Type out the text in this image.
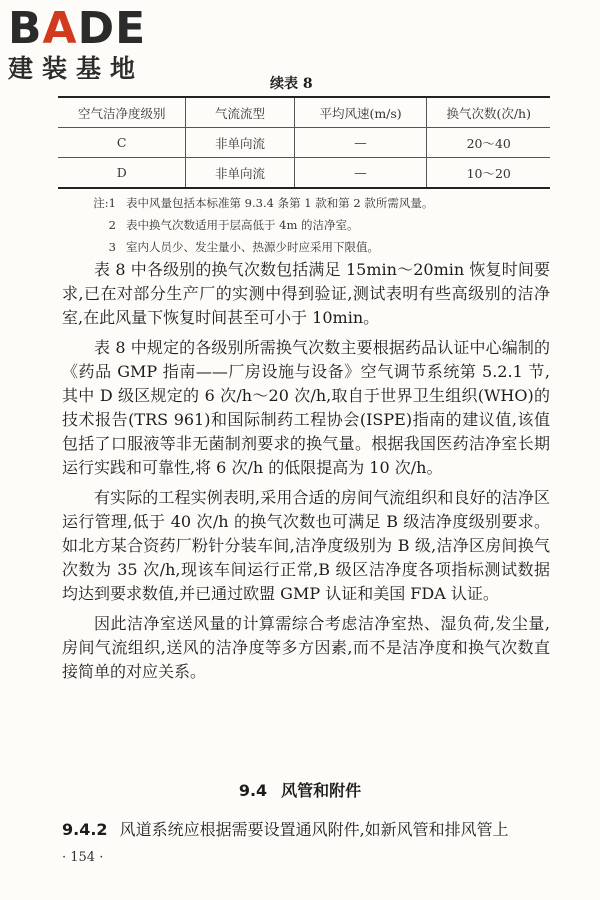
BADE
建装基地
续表 8
空气洁净度级别	气流流型	平均风速(m/s)	换气次数(次/h)
C	非单向流	—	20～40
D	非单向流	—	10～20
注:1 表中风量包括本标准第 9.3.4 条第 1 款和第 2 款所需风量。
2 表中换气次数适用于层高低于 4m 的洁净室。
3 室内人员少、发尘量小、热源少时应采用下限值。

表 8 中各级别的换气次数包括满足 15min～20min 恢复时间要求,已在对部分生产厂的实测中得到验证,测试表明有些高级别的洁净室,在此风量下恢复时间甚至可小于 10min。

表 8 中规定的各级别所需换气次数主要根据药品认证中心编制的《药品 GMP 指南——厂房设施与设备》空气调节系统第 5.2.1 节,其中 D 级区规定的 6 次/h～20 次/h,取自于世界卫生组织(WHO)的技术报告(TRS 961)和国际制药工程协会(ISPE)指南的建议值,该值包括了口服液等非无菌制剂要求的换气量。根据我国医药洁净室长期运行实践和可靠性,将 6 次/h 的低限提高为 10 次/h。

有实际的工程实例表明,采用合适的房间气流组织和良好的洁净区运行管理,低于 40 次/h 的换气次数也可满足 B 级洁净度级别要求。如北方某合资药厂粉针分装车间,洁净度级别为 B 级,洁净区房间换气次数为 35 次/h,现该车间运行正常,B 级区洁净度各项指标测试数据均达到要求数值,并已通过欧盟 GMP 认证和美国 FDA 认证。

因此洁净室送风量的计算需综合考虑洁净室热、湿负荷,发尘量,房间气流组织,送风的洁净度等多方因素,而不是洁净度和换气次数直接简单的对应关系。

9.4 风管和附件
9.4.2 风道系统应根据需要设置通风附件,如新风管和排风管上
· 154 ·
